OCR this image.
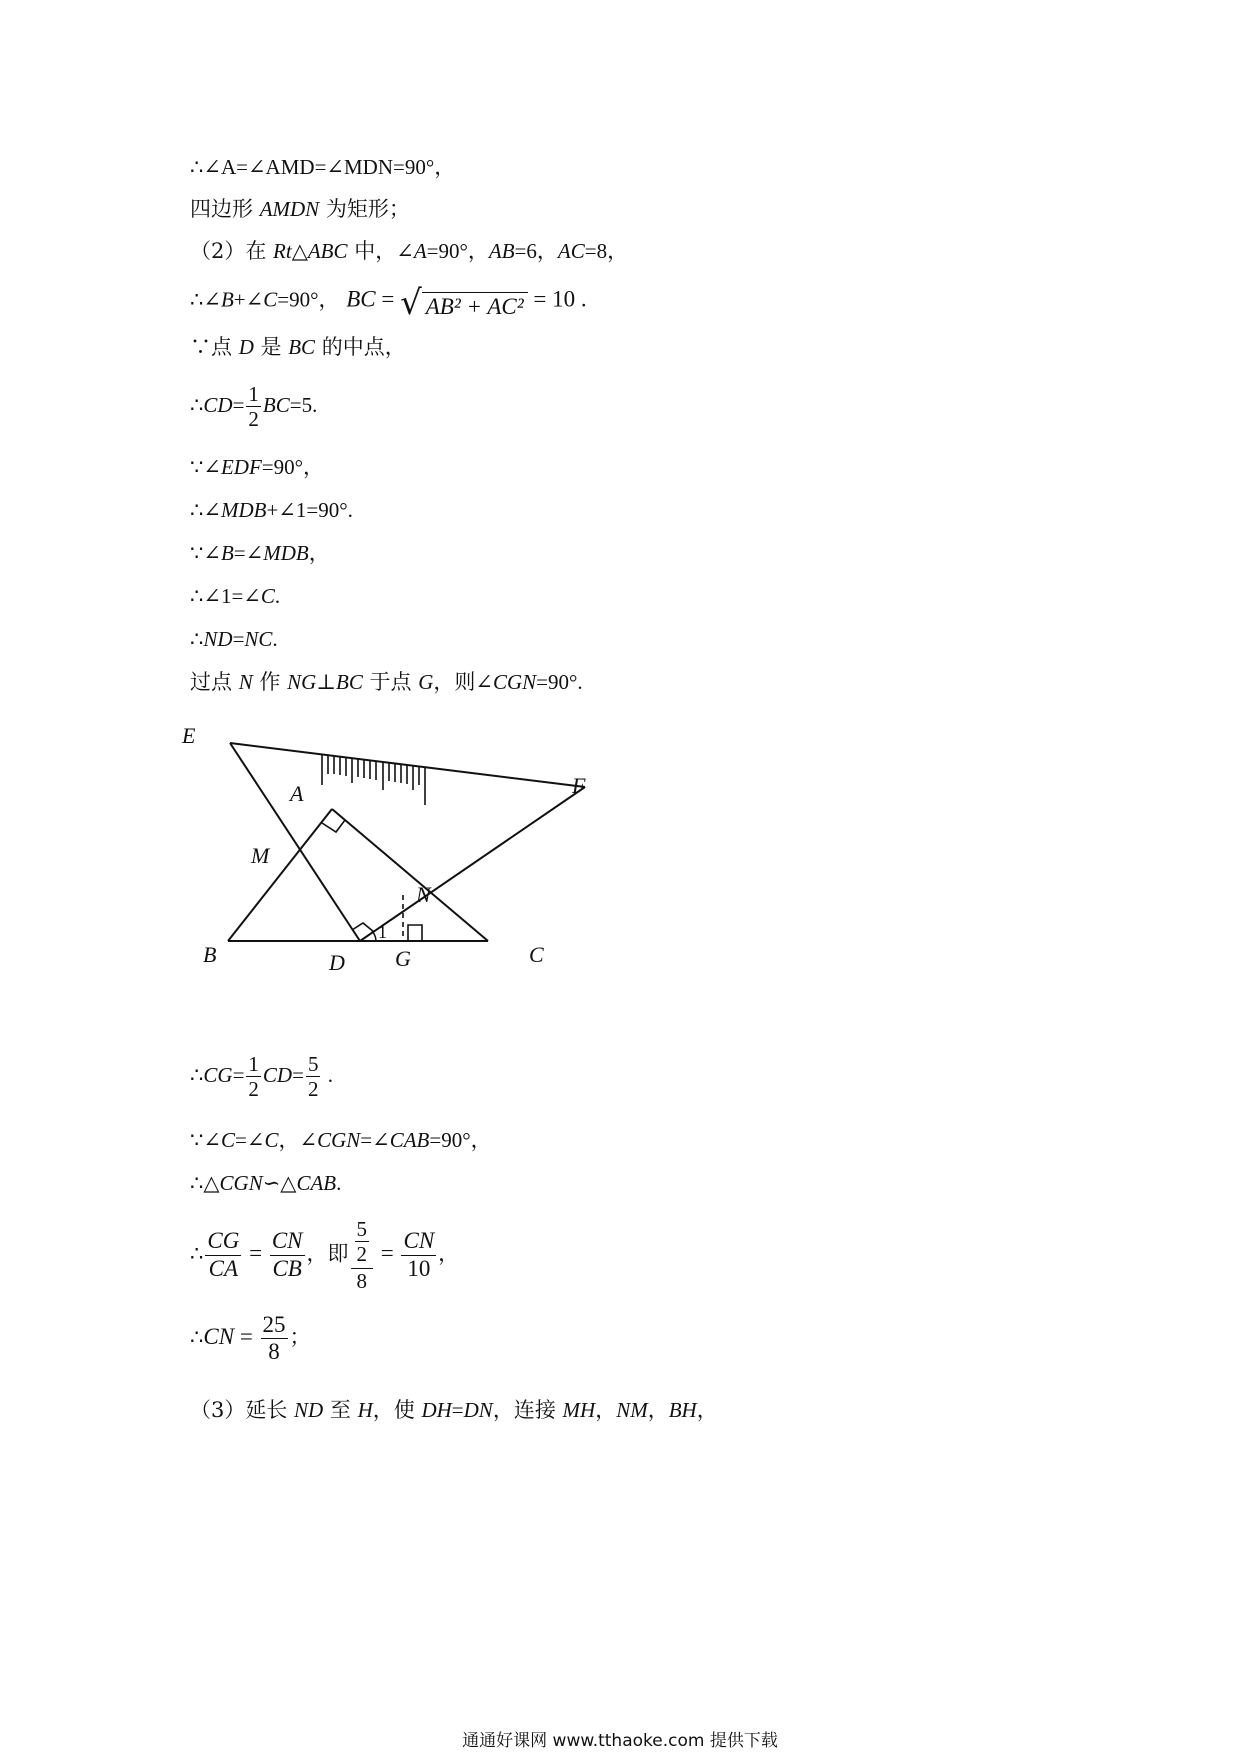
∴∠A=∠AMD=∠MDN=90°，
四边形 AMDN 为矩形；
（2）在 Rt△ABC 中，∠A=90°，AB=6，AC=8，
∴∠B+∠C=90°， BC = √ AB² + AC² = 10 .
∵点 D 是 BC 的中点，
∴CD= $\frac{1}{2} BC=5$.
∵∠EDF=90°，
∴∠MDB+∠1=90°.
∵∠B=∠MDB，
∴∠1=∠C.
∴ND=NC.
过点 N 作 NG⊥BC 于点 G，则∠CGN=90°.
E
F
A
M
N
B	D G	C
1
∴CG= $\frac{1}{2} CD= \frac{5}{2}$ .
∵∠C=∠C，∠CGN=∠CAB=90°，
∴△CGN∽△CAB.
∴ $\frac{CG}{CA} = \frac{CN}{CB}$ ，即 $\frac{\frac{5}{2}}{8} = \frac{CN}{10}$ ，
∴CN = $\frac{25}{8}$ ；
（3）延长 ND 至 H，使 DH=DN，连接 MH，NM，BH，
通通好课网 www.tthaoke.com 提供下载
